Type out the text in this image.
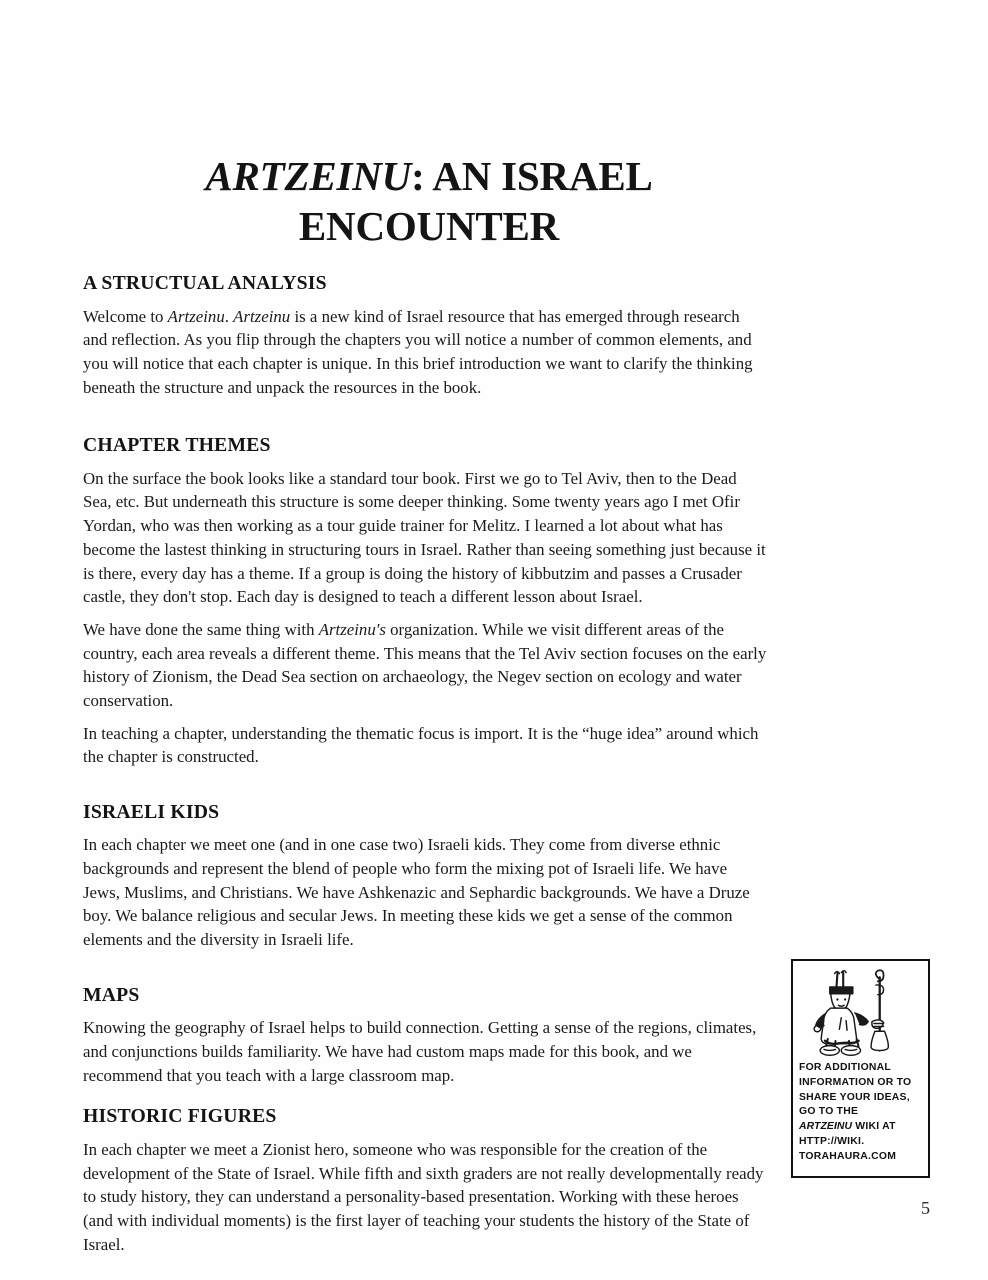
ARTZEINU: AN ISRAEL ENCOUNTER
A STRUCTUAL ANALYSIS

Welcome to Artzeinu. Artzeinu is a new kind of Israel resource that has emerged through research and reflection. As you flip through the chapters you will notice a number of common elements, and you will notice that each chapter is unique. In this brief introduction we want to clarify the thinking beneath the structure and unpack the resources in the book.

CHAPTER THEMES

On the surface the book looks like a standard tour book. First we go to Tel Aviv, then to the Dead Sea, etc. But underneath this structure is some deeper thinking. Some twenty years ago I met Ofir Yordan, who was then working as a tour guide trainer for Melitz. I learned a lot about what has become the lastest thinking in structuring tours in Israel. Rather than seeing something just because it is there, every day has a theme. If a group is doing the history of kibbutzim and passes a Crusader castle, they don't stop. Each day is designed to teach a different lesson about Israel.

We have done the same thing with Artzeinu's organization. While we visit different areas of the country, each area reveals a different theme. This means that the Tel Aviv section focuses on the early history of Zionism, the Dead Sea section on archaeology, the Negev section on ecology and water conservation.

In teaching a chapter, understanding the thematic focus is import. It is the “huge idea” around which the chapter is constructed.

ISRAELI KIDS

In each chapter we meet one (and in one case two) Israeli kids. They come from diverse ethnic backgrounds and represent the blend of people who form the mixing pot of Israeli life. We have Jews, Muslims, and Christians. We have Ashkenazic and Sephardic backgrounds. We have a Druze boy. We balance religious and secular Jews. In meeting these kids we get a sense of the common elements and the diversity in Israeli life.

MAPS

Knowing the geography of Israel helps to build connection. Getting a sense of the regions, climates, and conjunctions builds familiarity. We have had custom maps made for this book, and we recommend that you teach with a large classroom map.

HISTORIC FIGURES

In each chapter we meet a Zionist hero, someone who was responsible for the creation of the development of the State of Israel. While fifth and sixth graders are not really developmentally ready to study history, they can understand a personality-based presentation. Working with these heroes (and with individual moments) is the first layer of teaching your students the history of the State of Israel.

FOR ADDITIONAL
INFORMATION OR TO
SHARE YOUR IDEAS,
GO TO THE
ARTZEINU WIKI AT
HTTP://WIKI.
TORAHAURA.COM
5
